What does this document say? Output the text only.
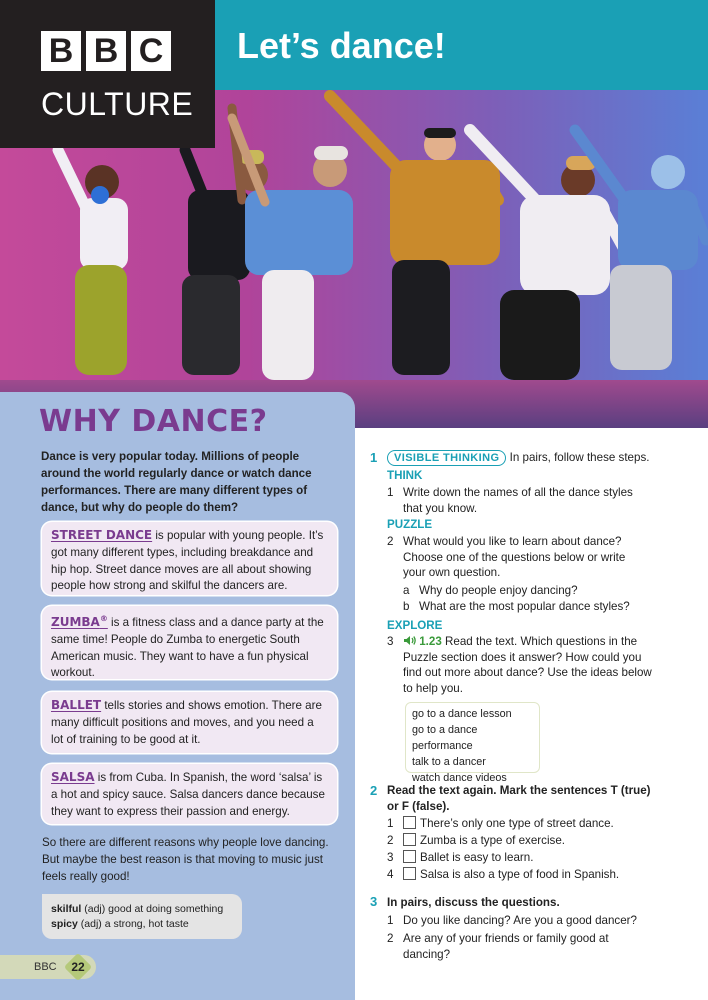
B B C
CULTURE
Let’s dance!
WHY DANCE?
Dance is very popular today. Millions of people around the world regularly dance or watch dance performances. There are many different types of dance, but why do people do them?
STREET DANCE is popular with young people. It’s got many different types, including breakdance and hip hop. Street dance moves are all about showing people how strong and skilful the dancers are.
ZUMBA® is a fitness class and a dance party at the same time! People do Zumba to energetic South American music. They want to have a fun physical workout.
BALLET tells stories and shows emotion. There are many difficult positions and moves, and you need a lot of training to be good at it.
SALSA is from Cuba. In Spanish, the word ‘salsa’ is a hot and spicy sauce. Salsa dancers dance because they want to express their passion and energy.
So there are different reasons why people love dancing. But maybe the best reason is that moving to music just feels really good!
skilful (adj) good at doing something
spicy (adj) a strong, hot taste
BBC	22
1	VISIBLE THINKING In pairs, follow these steps.
THINK
1 Write down the names of all the dance styles
that you know.
PUZZLE
2 What would you like to learn about dance?
Choose one of the questions below or write
your own question.
a Why do people enjoy dancing?
b What are the most popular dance styles?
EXPLORE
3	1.23 Read the text. Which questions in the
Puzzle section does it answer? How could you
find out more about dance? Use the ideas below
to help you.
go to a dance lesson
go to a dance performance
talk to a dancer
watch dance videos
2 Read the text again. Mark the sentences T (true)
or F (false).
1	There’s only one type of street dance.
2	Zumba is a type of exercise.
3	Ballet is easy to learn.
4	Salsa is also a type of food in Spanish.
3 In pairs, discuss the questions.
1 Do you like dancing? Are you a good dancer?
2 Are any of your friends or family good at
dancing?
